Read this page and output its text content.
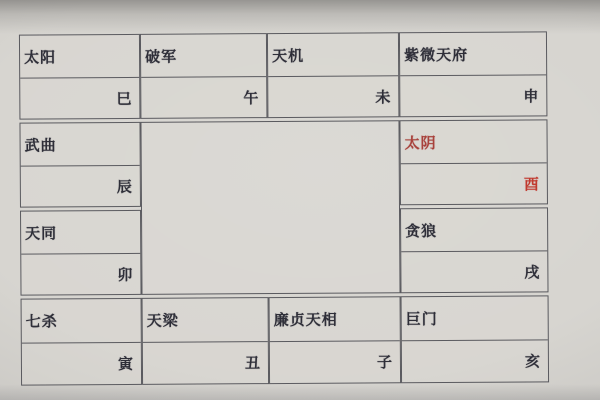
太阳
巳
破军
午
天机
未
紫微天府
申
武曲
辰
太阴
酉
天同
卯
贪狼
戌
七杀
寅
天梁
丑
廉贞天相
子
巨门
亥
